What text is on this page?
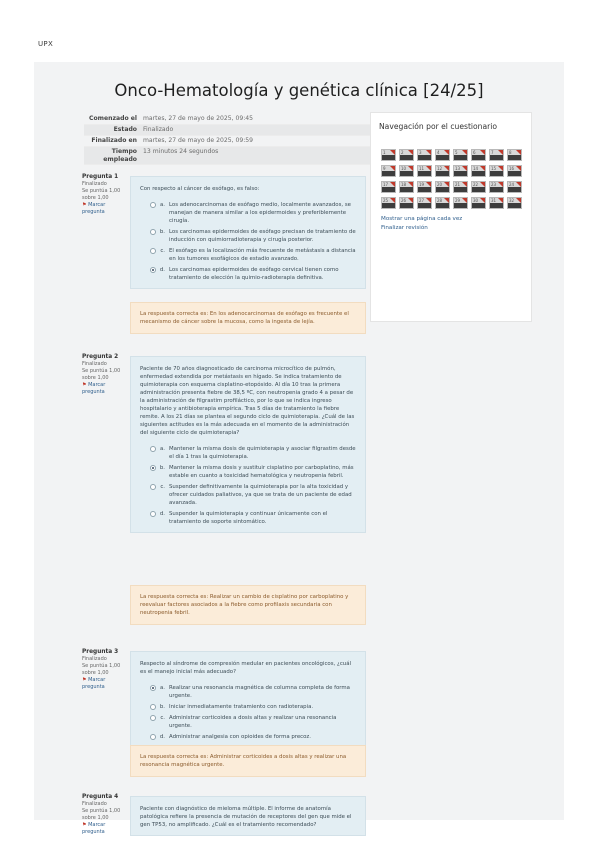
UPX
Onco-Hematología y genética clínica [24/25]
Comenzado el martes, 27 de mayo de 2025, 09:45
Estado Finalizado
Finalizado en martes, 27 de mayo de 2025, 09:59
Tiempo empleado
13 minutos 24 segundos
Navegación por el cuestionario
1	2	3	4	5	6	7	8
9	10	11	12	13	14	15	16
17	18	19	20	21	22	23	24
25	26	27	28	29	30	31	32
Mostrar una página cada vez
Finalizar revisión
Pregunta 1
Finalizado
Se puntúa 1,00 sobre 1,00
⚑ Marcar pregunta
Con respecto al cáncer de esófago, es falso:
a. Los adenocarcinomas de esófago medio, localmente avanzados, se manejan de manera similar a los epidermoides y preferiblemente cirugía.
b. Los carcinomas epidermoides de esófago precisan de tratamiento de inducción con quimiorradioterapia y cirugía posterior.
c. El esófago es la localización más frecuente de metástasis a distancia en los tumores esofágicos de estadio avanzado.
d. Los carcinomas epidermoides de esófago cervical tienen como tratamiento de elección la quimio-radioterapia definitiva.
La respuesta correcta es: En los adenocarcinomas de esófago es frecuente el mecanismo de cáncer sobre la mucosa, como la ingesta de lejía.
Pregunta 2
Finalizado
Se puntúa 1,00 sobre 1,00
⚑ Marcar pregunta
Paciente de 70 años diagnosticado de carcinoma microcítico de pulmón, enfermedad extendida por metástasis en hígado. Se indica tratamiento de quimioterapia con esquema cisplatino-etopósido. Al día 10 tras la primera administración presenta fiebre de 38,5 ºC, con neutropenia grado 4 a pesar de la administración de filgrastim profiláctico, por lo que se indica ingreso hospitalario y antibioterapia empírica. Tras 5 días de tratamiento la fiebre remite. A los 21 días se plantea el segundo ciclo de quimioterapia. ¿Cuál de las siguientes actitudes es la más adecuada en el momento de la administración del siguiente ciclo de quimioterapia?
a. Mantener la misma dosis de quimioterapia y asociar filgrastim desde el día 1 tras la quimioterapia.
b. Mantener la misma dosis y sustituir cisplatino por carboplatino, más estable en cuanto a toxicidad hematológica y neutropenia febril.
c. Suspender definitivamente la quimioterapia por la alta toxicidad y ofrecer cuidados paliativos, ya que se trata de un paciente de edad avanzada.
d. Suspender la quimioterapia y continuar únicamente con el tratamiento de soporte sintomático.
La respuesta correcta es: Realizar un cambio de cisplatino por carboplatino y reevaluar factores asociados a la fiebre como profilaxis secundaria con neutropenia febril.
Pregunta 3
Finalizado
Se puntúa 1,00 sobre 1,00
⚑ Marcar pregunta
Respecto al síndrome de compresión medular en pacientes oncológicos, ¿cuál es el manejo inicial más adecuado?
a. Realizar una resonancia magnética de columna completa de forma urgente.
b. Iniciar inmediatamente tratamiento con radioterapia.
c. Administrar corticoides a dosis altas y realizar una resonancia urgente.
d. Administrar analgesia con opioides de forma precoz.
La respuesta correcta es: Administrar corticoides a dosis altas y realizar una resonancia magnética urgente.
Pregunta 4
Finalizado
Se puntúa 1,00 sobre 1,00
⚑ Marcar pregunta
Paciente con diagnóstico de mieloma múltiple. El informe de anatomía patológica refiere la presencia de mutación de receptores del gen que mide el gen TP53, no amplificado. ¿Cuál es el tratamiento recomendado?
